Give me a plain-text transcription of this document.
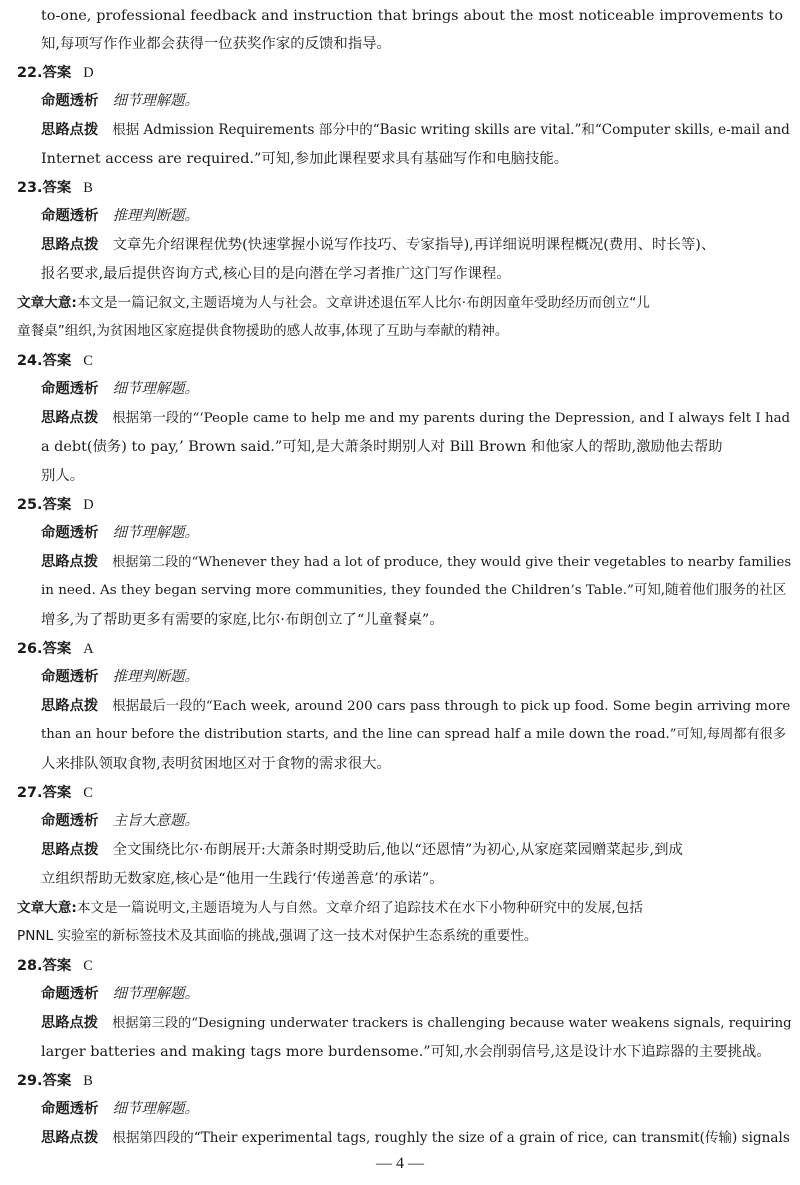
to-one, professional feedback and instruction that brings about the most noticeable improvements to
知,每项写作作业都会获得一位获奖作家的反馈和指导。
22.答案 D
命题透析 细节理解题。
思路点拨 根据 Admission Requirements 部分中的“Basic writing skills are vital.”和“Computer skills, e-mail and
Internet access are required.”可知,参加此课程要求具有基础写作和电脑技能。
23.答案 B
命题透析 推理判断题。
思路点拨 文章先介绍课程优势(快速掌握小说写作技巧、专家指导),再详细说明课程概况(费用、时长等)、
报名要求,最后提供咨询方式,核心目的是向潜在学习者推广这门写作课程。
文章大意:本文是一篇记叙文,主题语境为人与社会。文章讲述退伍军人比尔·布朗因童年受助经历而创立“儿
童餐桌”组织,为贫困地区家庭提供食物援助的感人故事,体现了互助与奉献的精神。
24.答案 C
命题透析 细节理解题。
思路点拨 根据第一段的“‘People came to help me and my parents during the Depression, and I always felt I had
a debt(债务) to pay,’ Brown said.”可知,是大萧条时期别人对 Bill Brown 和他家人的帮助,激励他去帮助
别人。
25.答案 D
命题透析 细节理解题。
思路点拨 根据第二段的“Whenever they had a lot of produce, they would give their vegetables to nearby families
in need. As they began serving more communities, they founded the Children’s Table.”可知,随着他们服务的社区
增多,为了帮助更多有需要的家庭,比尔·布朗创立了“儿童餐桌”。
26.答案 A
命题透析 推理判断题。
思路点拨 根据最后一段的“Each week, around 200 cars pass through to pick up food. Some begin arriving more
than an hour before the distribution starts, and the line can spread half a mile down the road.”可知,每周都有很多
人来排队领取食物,表明贫困地区对于食物的需求很大。
27.答案 C
命题透析 主旨大意题。
思路点拨 全文围绕比尔·布朗展开:大萧条时期受助后,他以“还恩情”为初心,从家庭菜园赠菜起步,到成
立组织帮助无数家庭,核心是“他用一生践行‘传递善意’的承诺”。
文章大意:本文是一篇说明文,主题语境为人与自然。文章介绍了追踪技术在水下小物种研究中的发展,包括
PNNL 实验室的新标签技术及其面临的挑战,强调了这一技术对保护生态系统的重要性。
28.答案 C
命题透析 细节理解题。
思路点拨 根据第三段的“Designing underwater trackers is challenging because water weakens signals, requiring
larger batteries and making tags more burdensome.”可知,水会削弱信号,这是设计水下追踪器的主要挑战。
29.答案 B
命题透析 细节理解题。
思路点拨 根据第四段的“Their experimental tags, roughly the size of a grain of rice, can transmit(传输) signals
— 4 —
